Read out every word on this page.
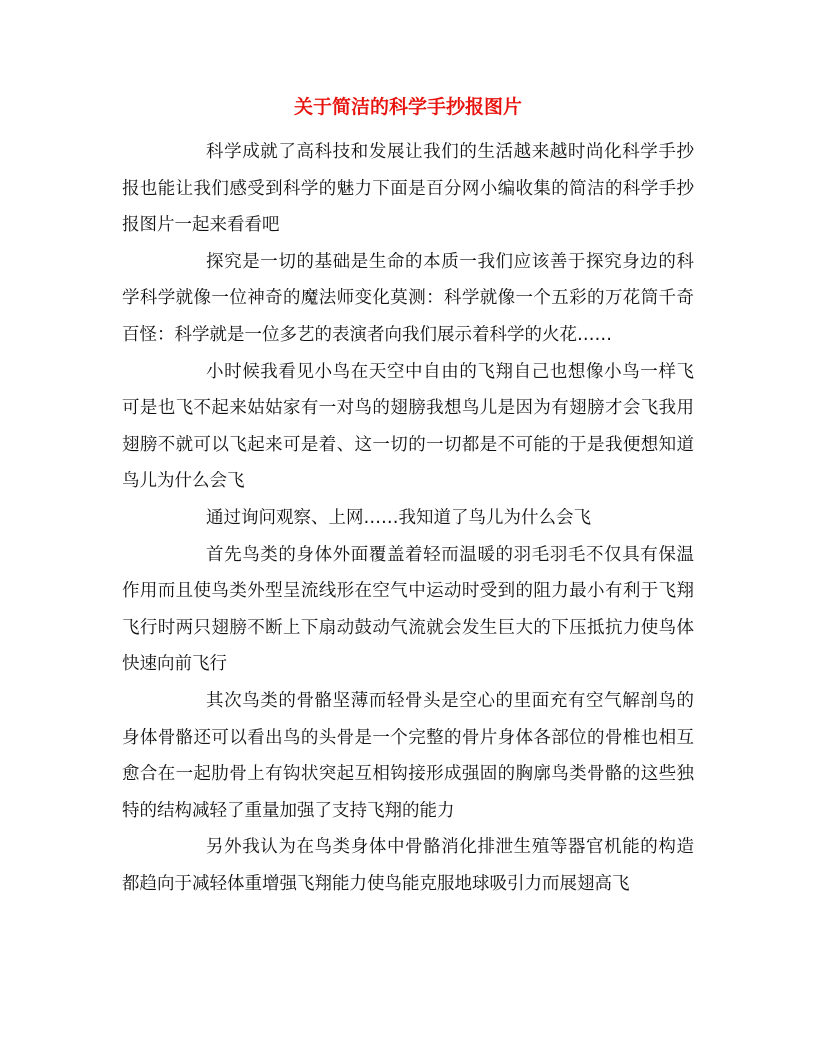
关于简洁的科学手抄报图片

科学成就了高科技和发展让我们的生活越来越时尚化科学手抄报也能让我们感受到科学的魅力下面是百分网小编收集的简洁的科学手抄报图片一起来看看吧

探究是一切的基础是生命的本质一我们应该善于探究身边的科学科学就像一位神奇的魔法师变化莫测：科学就像一个五彩的万花筒千奇百怪：科学就是一位多艺的表演者向我们展示着科学的火花……

小时候我看见小鸟在天空中自由的飞翔自己也想像小鸟一样飞可是也飞不起来姑姑家有一对鸟的翅膀我想鸟儿是因为有翅膀才会飞我用翅膀不就可以飞起来可是着、这一切的一切都是不可能的于是我便想知道鸟儿为什么会飞

通过询问观察、上网……我知道了鸟儿为什么会飞

首先鸟类的身体外面覆盖着轻而温暖的羽毛羽毛不仅具有保温作用而且使鸟类外型呈流线形在空气中运动时受到的阻力最小有利于飞翔飞行时两只翅膀不断上下扇动鼓动气流就会发生巨大的下压抵抗力使鸟体快速向前飞行

其次鸟类的骨骼坚薄而轻骨头是空心的里面充有空气解剖鸟的身体骨骼还可以看出鸟的头骨是一个完整的骨片身体各部位的骨椎也相互愈合在一起肋骨上有钩状突起互相钩接形成强固的胸廓鸟类骨骼的这些独特的结构减轻了重量加强了支持飞翔的能力

另外我认为在鸟类身体中骨骼消化排泄生殖等器官机能的构造都趋向于减轻体重增强飞翔能力使鸟能克服地球吸引力而展翅高飞
